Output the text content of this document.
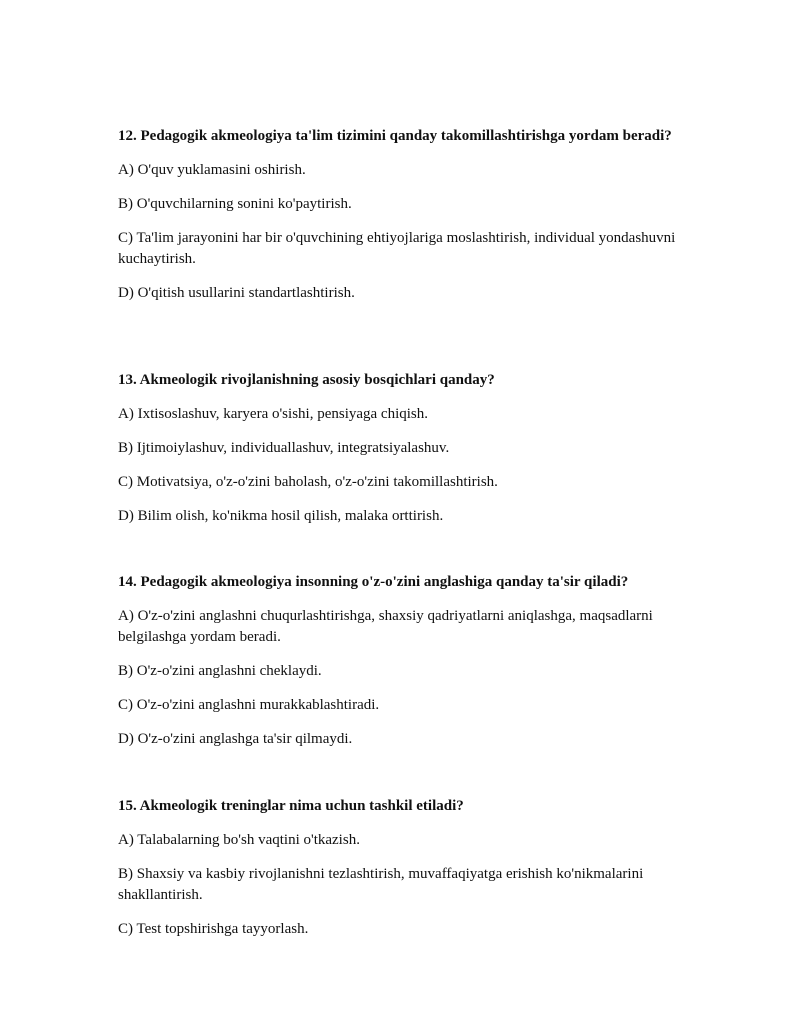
12. Pedagogik akmeologiya ta'lim tizimini qanday takomillashtirishga yordam beradi?

A) O'quv yuklamasini oshirish.

B) O'quvchilarning sonini ko'paytirish.

C) Ta'lim jarayonini har bir o'quvchining ehtiyojlariga moslashtirish, individual yondashuvni kuchaytirish.

D) O'qitish usullarini standartlashtirish.

13. Akmeologik rivojlanishning asosiy bosqichlari qanday?

A) Ixtisoslashuv, karyera o'sishi, pensiyaga chiqish.

B) Ijtimoiylashuv, individuallashuv, integratsiyalashuv.

C) Motivatsiya, o'z-o'zini baholash, o'z-o'zini takomillashtirish.

D) Bilim olish, ko'nikma hosil qilish, malaka orttirish.

14. Pedagogik akmeologiya insonning o'z-o'zini anglashiga qanday ta'sir qiladi?

A) O'z-o'zini anglashni chuqurlashtirishga, shaxsiy qadriyatlarni aniqlashga, maqsadlarni belgilashga yordam beradi.

B) O'z-o'zini anglashni cheklaydi.

C) O'z-o'zini anglashni murakkablashtiradi.

D) O'z-o'zini anglashga ta'sir qilmaydi.

15. Akmeologik treninglar nima uchun tashkil etiladi?

A) Talabalarning bo'sh vaqtini o'tkazish.

B) Shaxsiy va kasbiy rivojlanishni tezlashtirish, muvaffaqiyatga erishish ko'nikmalarini shakllantirish.

C) Test topshirishga tayyorlash.
